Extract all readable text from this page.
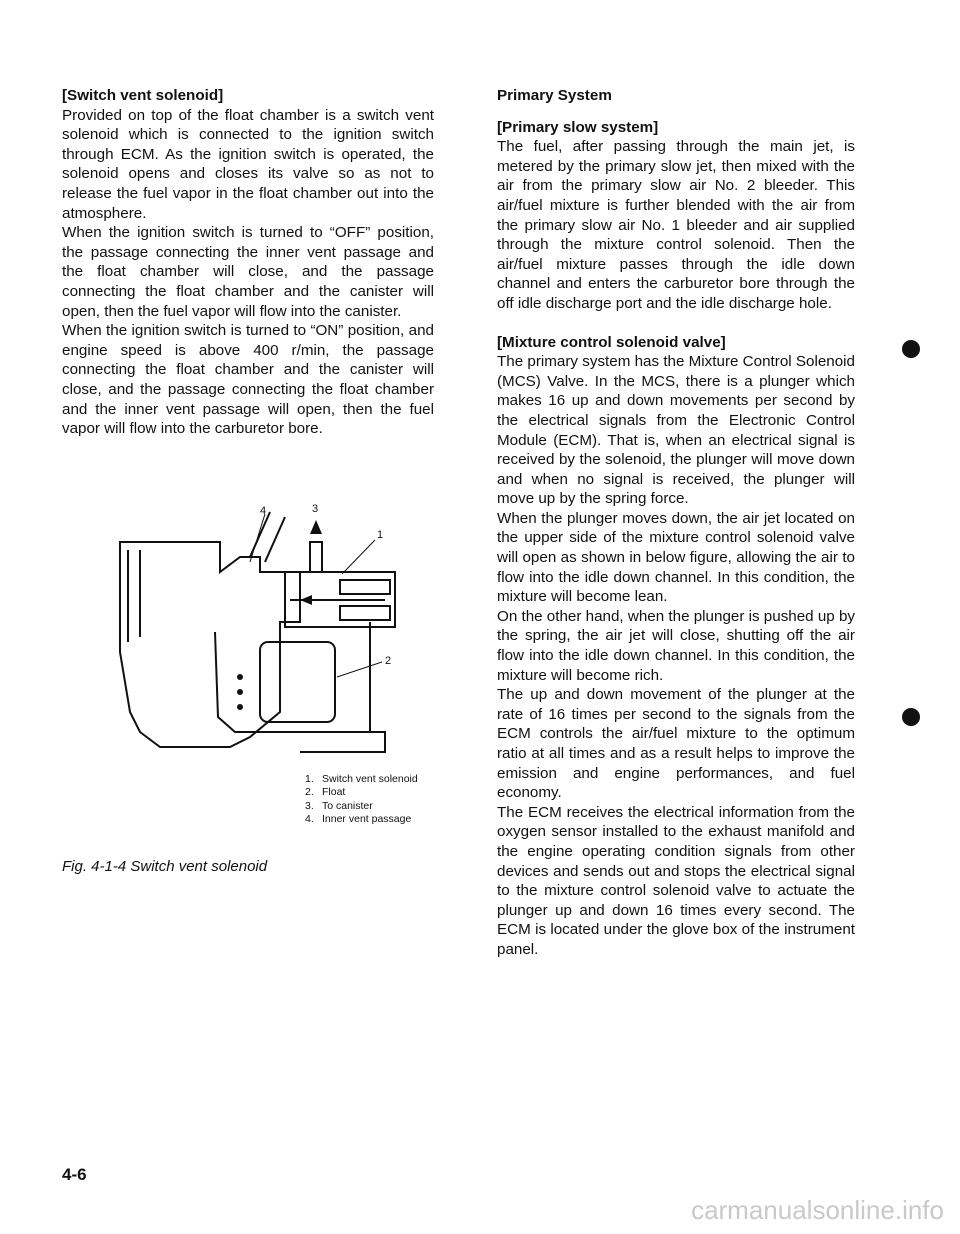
[Switch vent solenoid]

Provided on top of the float chamber is a switch vent solenoid which is connected to the ignition switch through ECM. As the ignition switch is operated, the solenoid opens and closes its valve so as not to release the fuel vapor in the float chamber out into the atmosphere.

When the ignition switch is turned to “OFF” position, the passage connecting the inner vent passage and the float chamber will close, and the passage connecting the float chamber and the canister will open, then the fuel vapor will flow into the canister.

When the ignition switch is turned to “ON” position, and engine speed is above 400 r/min, the passage connecting the float chamber and the canister will close, and the passage connecting the float chamber and the inner vent passage will open, then the fuel vapor will flow into the carburetor bore.

1
2
3
4
1. Switch vent solenoid
2. Float
3. To canister
4. Inner vent passage
Fig. 4-1-4 Switch vent solenoid

Primary System

[Primary slow system]

The fuel, after passing through the main jet, is metered by the primary slow jet, then mixed with the air from the primary slow air No. 2 bleeder. This air/fuel mixture is further blended with the air from the primary slow air No. 1 bleeder and air supplied through the mixture control solenoid. Then the air/fuel mixture passes through the idle down channel and enters the carburetor bore through the off idle discharge port and the idle discharge hole.

[Mixture control solenoid valve]

The primary system has the Mixture Control Solenoid (MCS) Valve. In the MCS, there is a plunger which makes 16 up and down movements per second by the electrical signals from the Electronic Control Module (ECM). That is, when an electrical signal is received by the solenoid, the plunger will move down and when no signal is received, the plunger will move up by the spring force.

When the plunger moves down, the air jet located on the upper side of the mixture control solenoid valve will open as shown in below figure, allowing the air to flow into the idle down channel. In this condition, the mixture will become lean.

On the other hand, when the plunger is pushed up by the spring, the air jet will close, shutting off the air flow into the idle down channel. In this condition, the mixture will become rich.

The up and down movement of the plunger at the rate of 16 times per second to the signals from the ECM controls the air/fuel mixture to the optimum ratio at all times and as a result helps to improve the emission and engine performances, and fuel economy.

The ECM receives the electrical information from the oxygen sensor installed to the exhaust manifold and the engine operating condition signals from other devices and sends out and stops the electrical signal to the mixture control solenoid valve to actuate the plunger up and down 16 times every second. The ECM is located under the glove box of the instrument panel.

4-6
carmanualsonline.info
